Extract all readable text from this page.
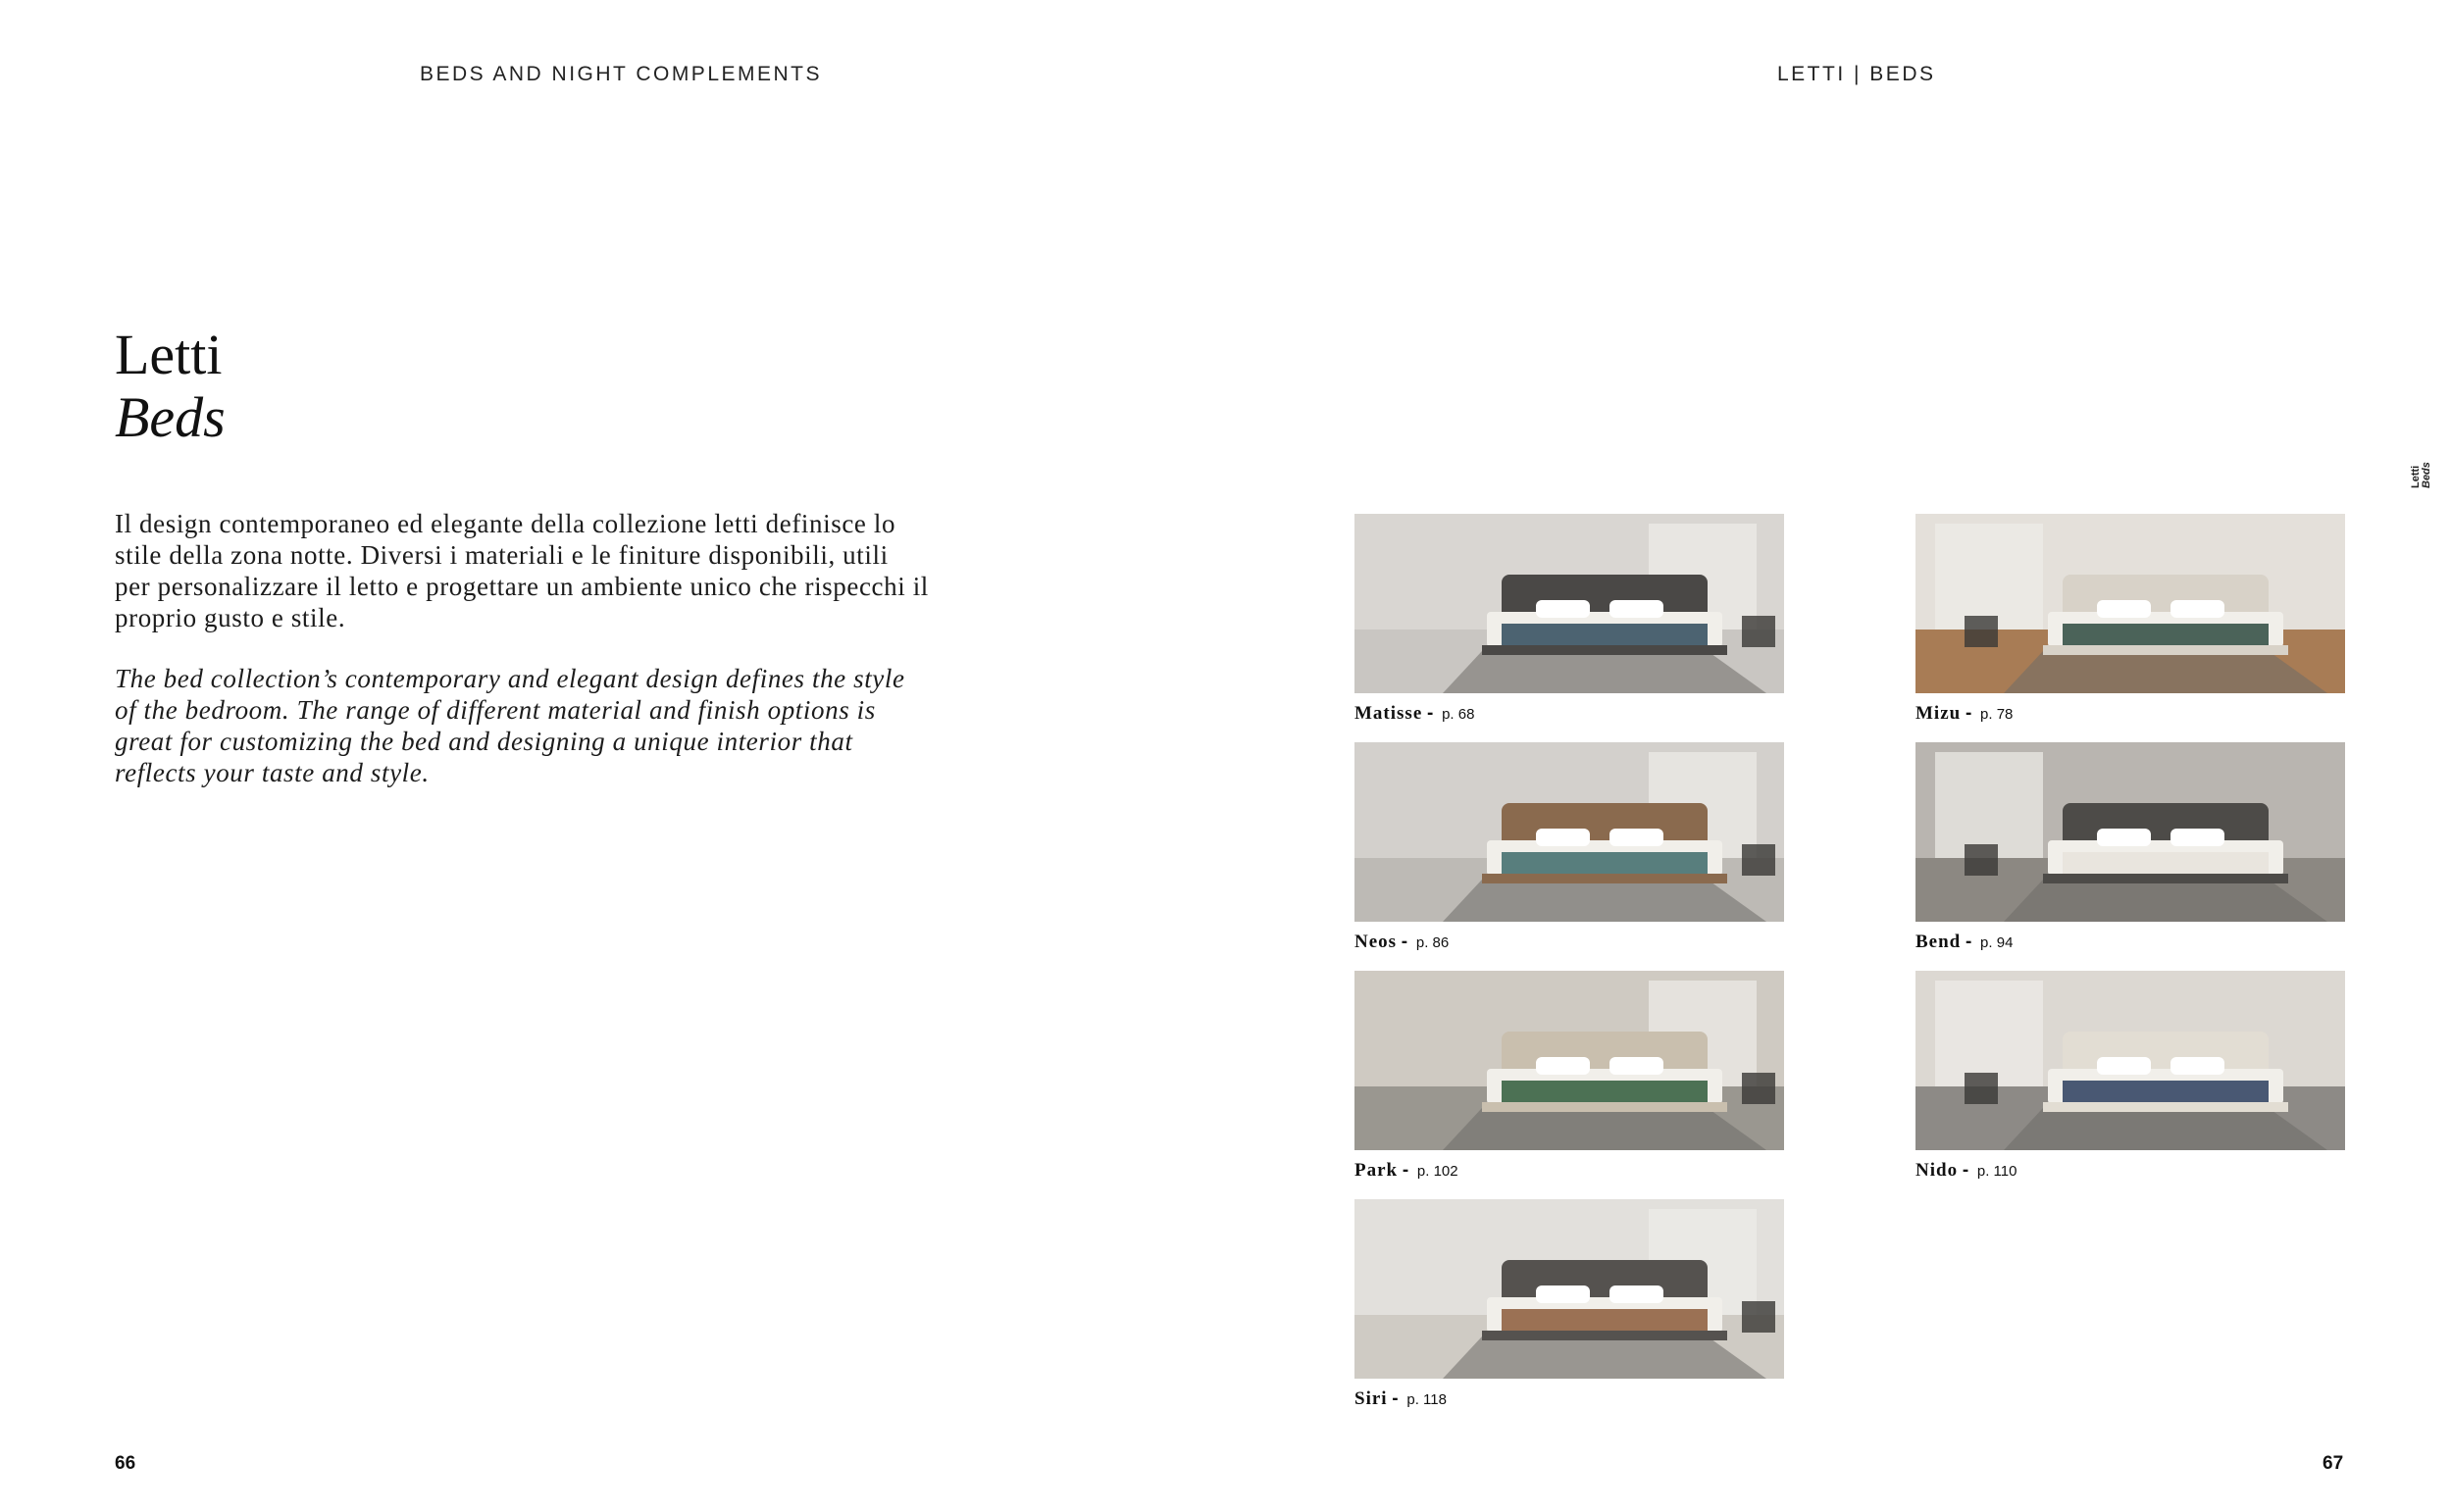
BEDS AND NIGHT COMPLEMENTS	LETTI | BEDS
Letti
Beds

Il design contemporaneo ed elegante della collezione letti definisce lo stile della zona notte. Diversi i materiali e le finiture disponibili, utili per personalizzare il letto e progettare un ambiente unico che rispecchi il proprio gusto e stile.

The bed collection’s contemporary and elegant design defines the style of the bedroom. The range of different material and finish options is great for customizing the bed and designing a unique interior that reflects your taste and style.

Letti Beds
Matisse - p. 68	Mizu - p. 78
Neos - p. 86	Bend - p. 94
Park - p. 102	Nido - p. 110
Siri - p. 118
66	67
